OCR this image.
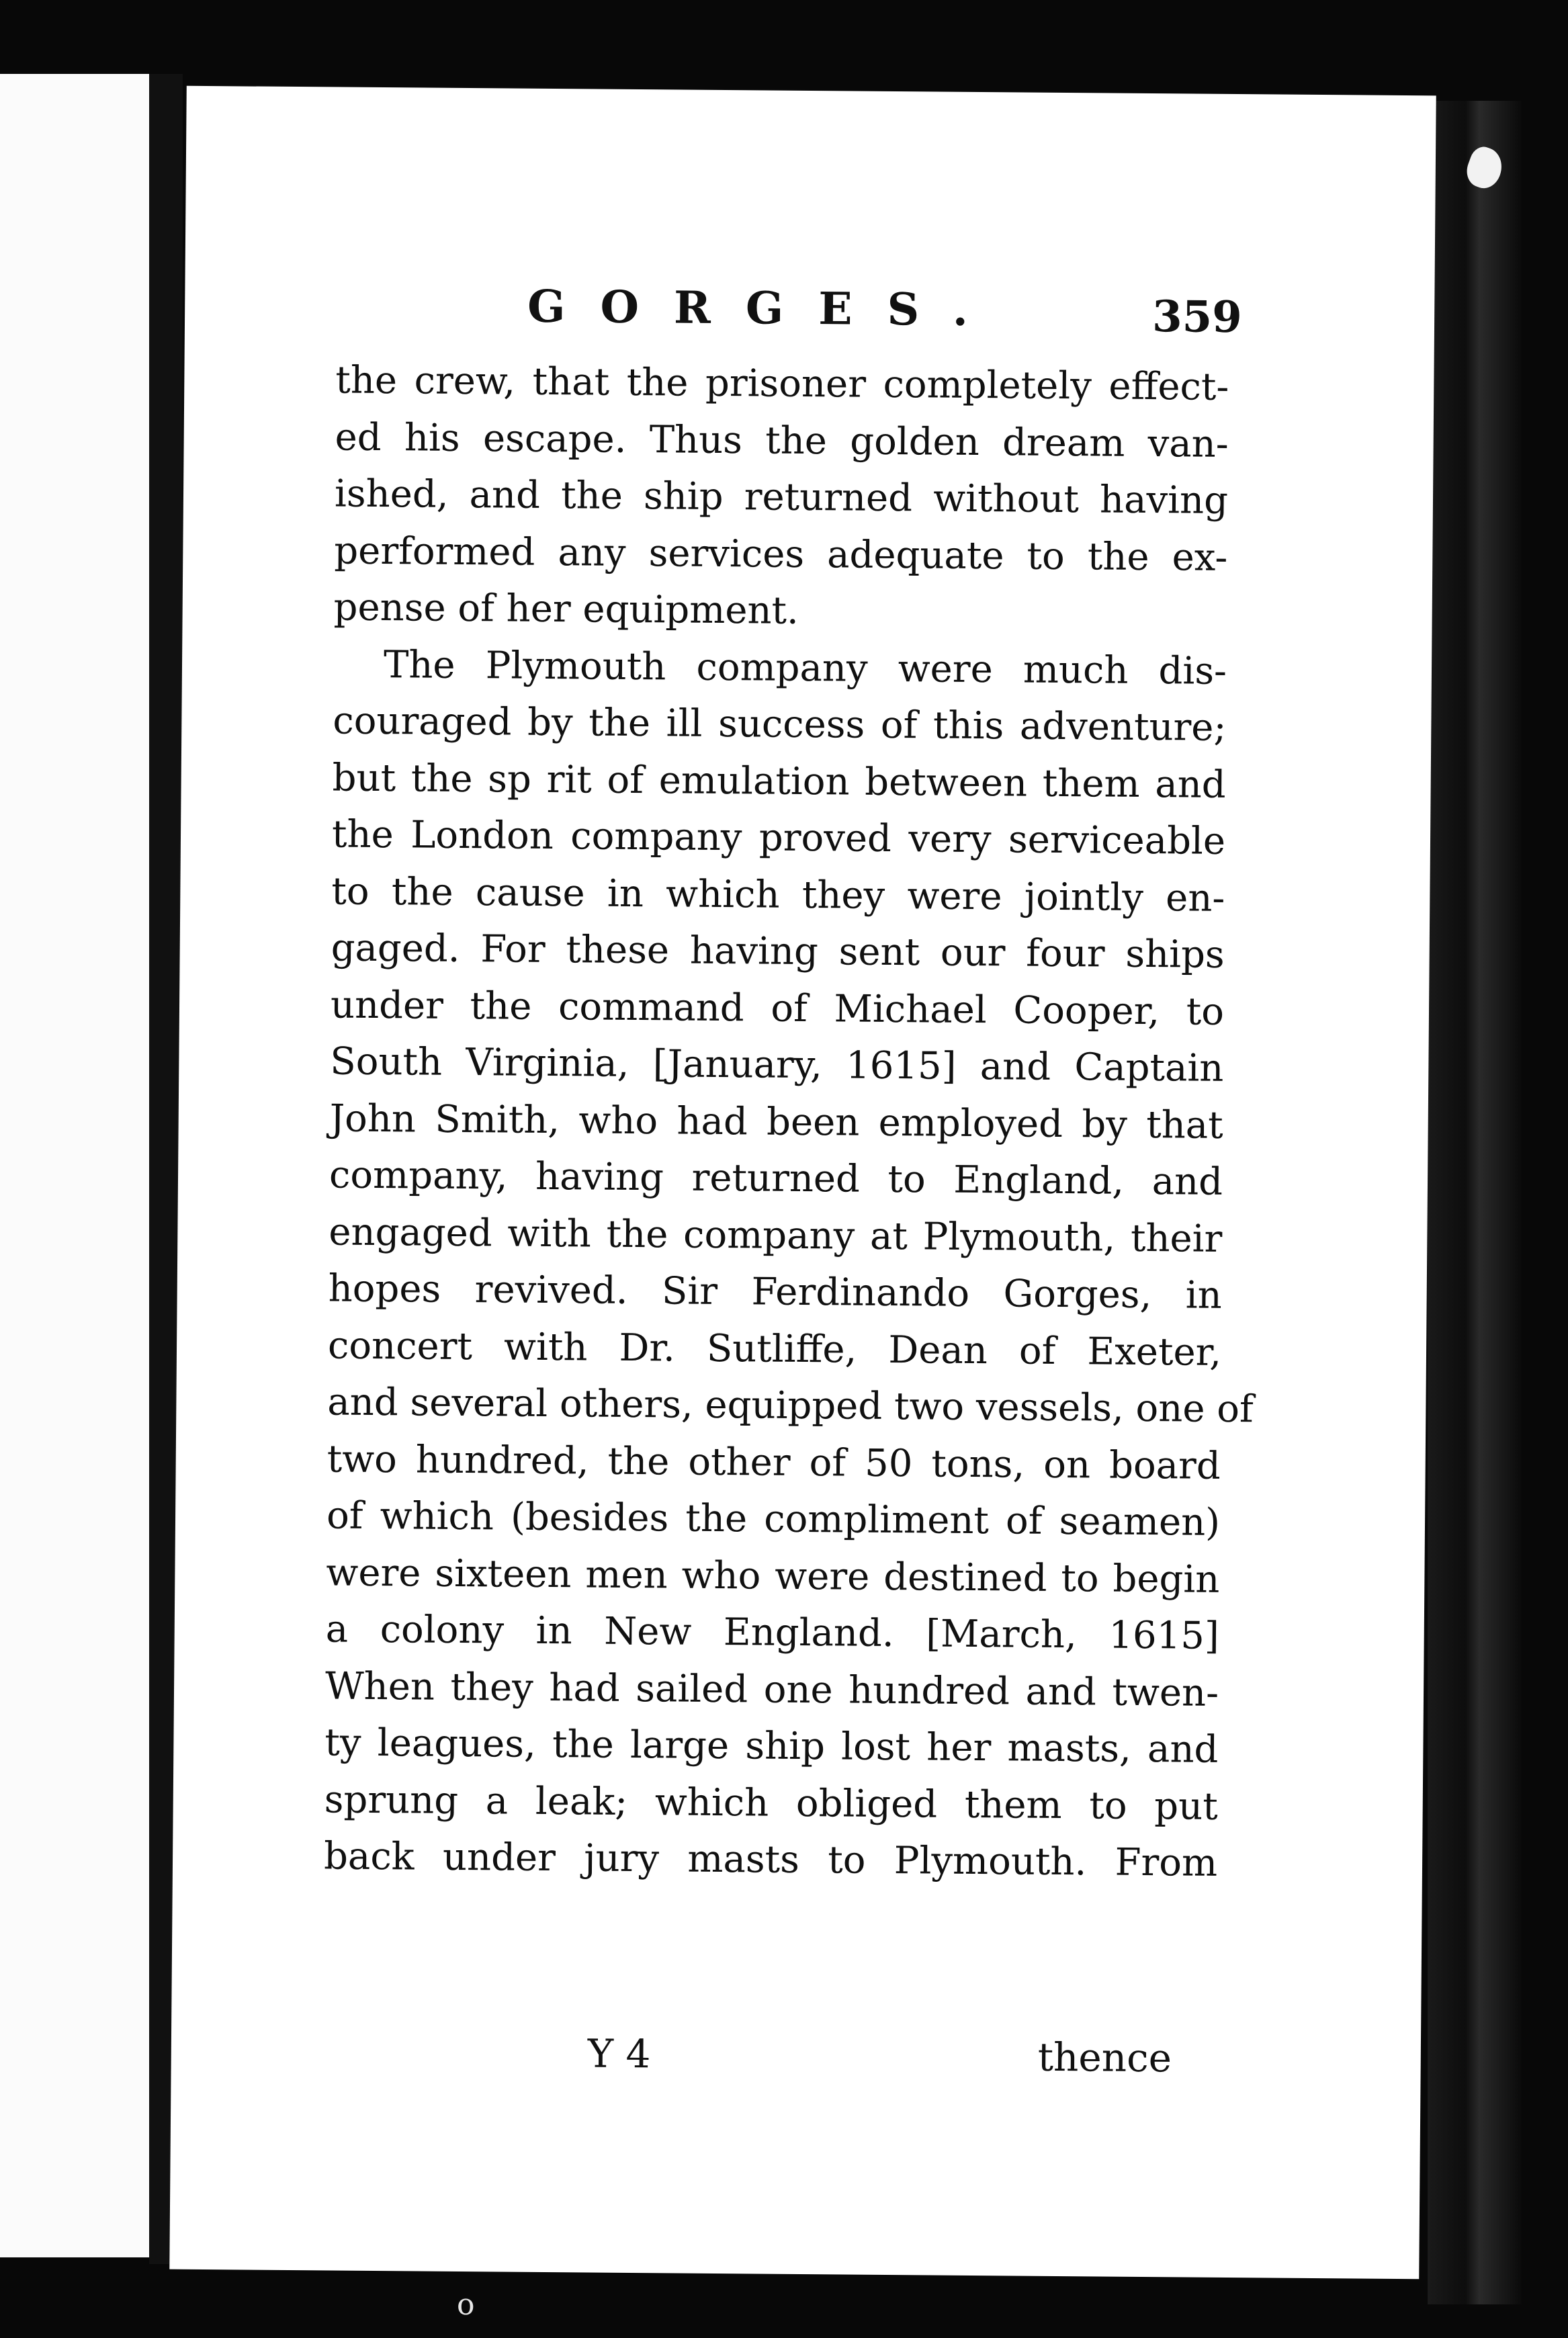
o
GORGES.	359
the crew, that the prisoner completely effect-
ed his escape. Thus the golden dream van-
ished, and the ship returned without having
performed any services adequate to the ex-
pense of her equipment.
The Plymouth company were much dis-
couraged by the ill success of this adventure;
but the sp rit of emulation between them and
the London company proved very serviceable
to the cause in which they were jointly en-
gaged. For these having sent our four ships
under the command of Michael Cooper, to
South Virginia, [January, 1615] and Captain
John Smith, who had been employed by that
company, having returned to England, and
engaged with the company at Plymouth, their
hopes revived. Sir Ferdinando Gorges, in
concert with Dr. Sutliffe, Dean of Exeter,
and several others, equipped two vessels, one of
two hundred, the other of 50 tons, on board
of which (besides the compliment of seamen)
were sixteen men who were destined to begin
a colony in New England. [March, 1615]
When they had sailed one hundred and twen-
ty leagues, the large ship lost her masts, and
sprung a leak; which obliged them to put
back under jury masts to Plymouth. From
Y 4	thence
